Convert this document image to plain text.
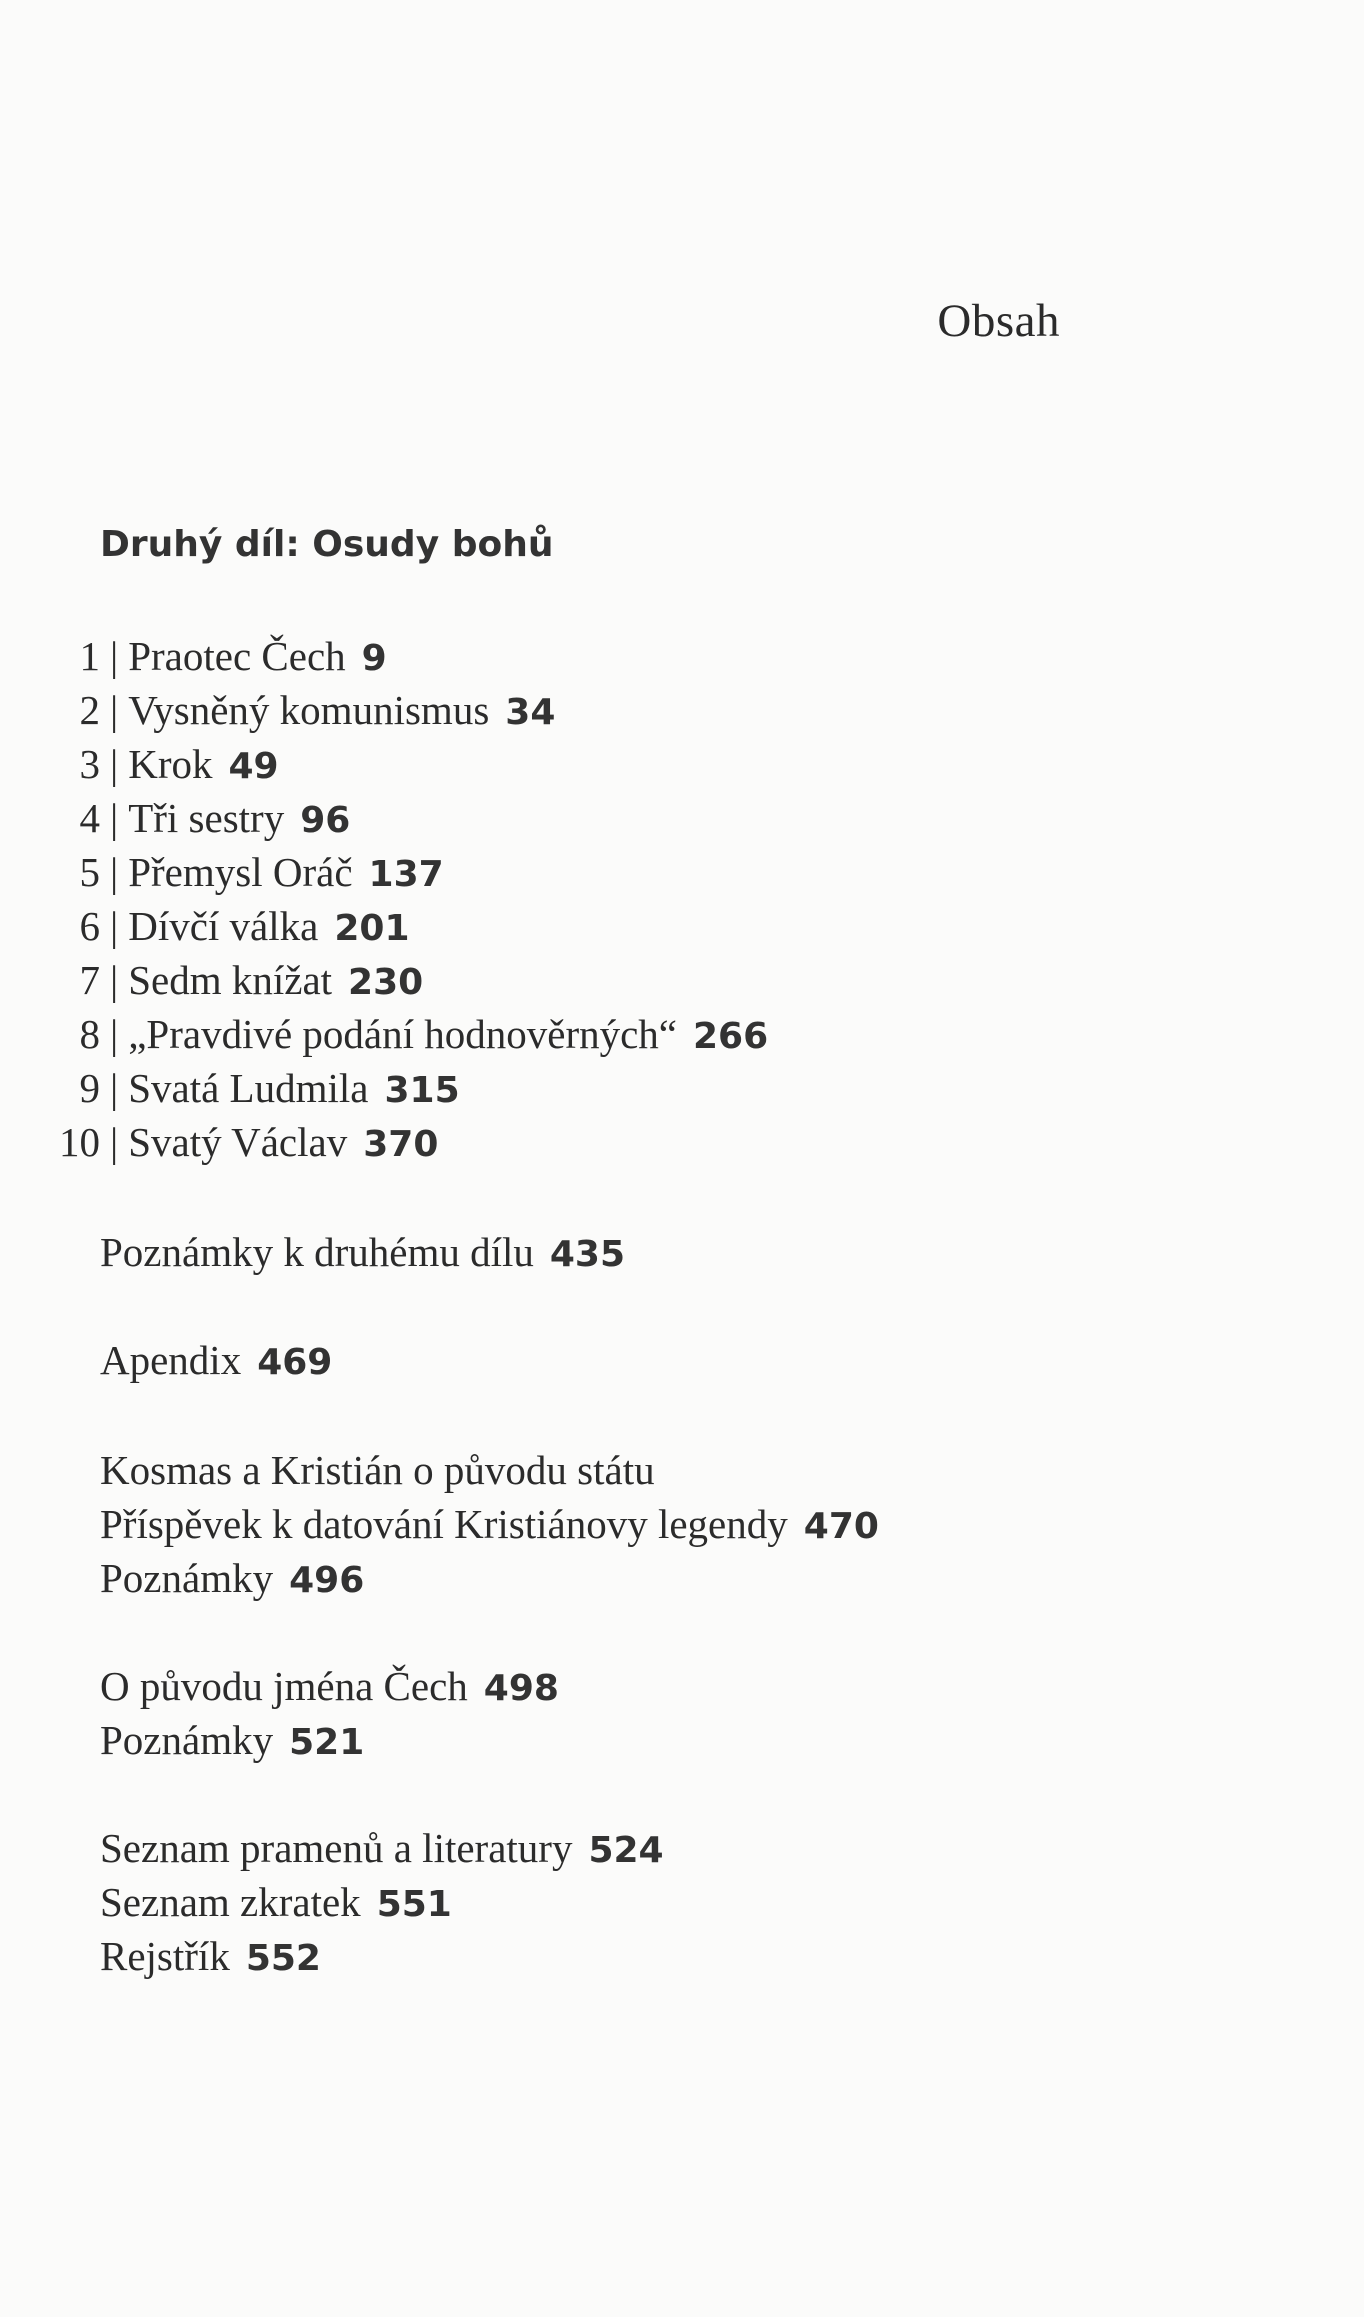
Obsah
Druhý díl: Osudy bohů
1 | Praotec Čech 9
2 | Vysněný komunismus 34
3 | Krok 49
4 | Tři sestry 96
5 | Přemysl Oráč 137
6 | Dívčí válka 201
7 | Sedm knížat 230
8 | „Pravdivé podání hodnověrných“ 266
9 | Svatá Ludmila 315
10 | Svatý Václav 370
Poznámky k druhému dílu 435
Apendix 469
Kosmas a Kristián o původu státu
Příspěvek k datování Kristiánovy legendy 470
Poznámky 496
O původu jména Čech 498
Poznámky 521
Seznam pramenů a literatury 524
Seznam zkratek 551
Rejstřík 552
